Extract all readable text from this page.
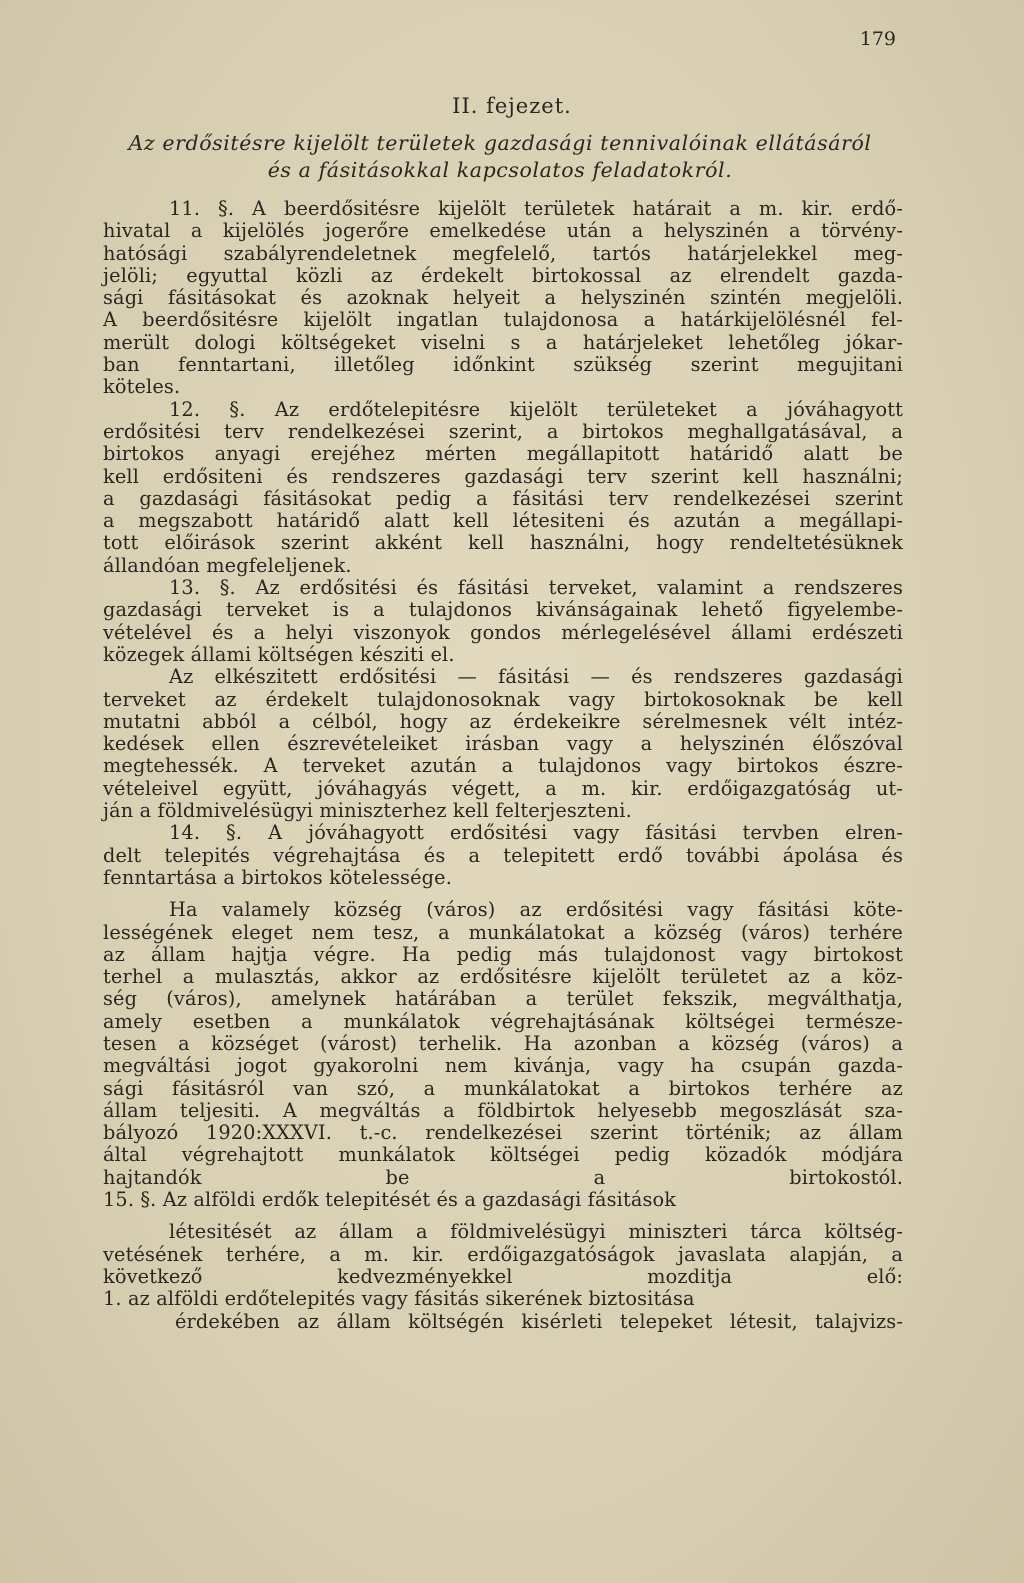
179
II. fejezet.
Az erdősitésre kijelölt területek gazdasági tennivalóinak ellátásáról
és a fásitásokkal kapcsolatos feladatokról.
11. §. A beerdősitésre kijelölt területek határait a m. kir. erdő-
hivatal a kijelölés jogerőre emelkedése után a helyszinén a törvény-
hatósági szabályrendeletnek megfelelő, tartós határjelekkel meg-
jelöli; egyuttal közli az érdekelt birtokossal az elrendelt gazda-
sági fásitásokat és azoknak helyeit a helyszinén szintén megjelöli.
A beerdősitésre kijelölt ingatlan tulajdonosa a határkijelölésnél fel-
merült dologi költségeket viselni s a határjeleket lehetőleg jókar-
ban fenntartani, illetőleg időnkint szükség szerint megujitani
köteles.
12. §. Az erdőtelepitésre kijelölt területeket a jóváhagyott
erdősitési terv rendelkezései szerint, a birtokos meghallgatásával, a
birtokos anyagi erejéhez mérten megállapitott határidő alatt be
kell erdősiteni és rendszeres gazdasági terv szerint kell használni;
a gazdasági fásitásokat pedig a fásitási terv rendelkezései szerint
a megszabott határidő alatt kell létesiteni és azután a megállapi-
tott előirások szerint akként kell használni, hogy rendeltetésüknek
állandóan megfeleljenek.
13. §. Az erdősitési és fásitási terveket, valamint a rendszeres
gazdasági terveket is a tulajdonos kivánságainak lehető figyelembe-
vételével és a helyi viszonyok gondos mérlegelésével állami erdészeti
közegek állami költségen késziti el.
Az elkészitett erdősitési — fásitási — és rendszeres gazdasági
terveket az érdekelt tulajdonosoknak vagy birtokosoknak be kell
mutatni abból a célból, hogy az érdekeikre sérelmesnek vélt intéz-
kedések ellen észrevételeiket irásban vagy a helyszinén élőszóval
megtehessék. A terveket azután a tulajdonos vagy birtokos észre-
vételeivel együtt, jóváhagyás végett, a m. kir. erdőigazgatóság ut-
ján a földmivelésügyi miniszterhez kell felterjeszteni.
14. §. A jóváhagyott erdősitési vagy fásitási tervben elren-
delt telepités végrehajtása és a telepitett erdő további ápolása és
fenntartása a birtokos kötelessége.
Ha valamely község (város) az erdősitési vagy fásitási köte-
lességének eleget nem tesz, a munkálatokat a község (város) terhére
az állam hajtja végre. Ha pedig más tulajdonost vagy birtokost
terhel a mulasztás, akkor az erdősitésre kijelölt területet az a köz-
ség (város), amelynek határában a terület fekszik, megválthatja,
amely esetben a munkálatok végrehajtásának költségei természe-
tesen a községet (várost) terhelik. Ha azonban a község (város) a
megváltási jogot gyakorolni nem kivánja, vagy ha csupán gazda-
sági fásitásról van szó, a munkálatokat a birtokos terhére az
állam teljesiti. A megváltás a földbirtok helyesebb megoszlását sza-
bályozó 1920:XXXVI. t.-c. rendelkezései szerint történik; az állam
által végrehajtott munkálatok költségei pedig közadók módjára
hajtandók be a birtokostól.
15. §. Az alföldi erdők telepitését és a gazdasági fásitások
létesitését az állam a földmivelésügyi miniszteri tárca költség-
vetésének terhére, a m. kir. erdőigazgatóságok javaslata alapján, a
következő kedvezményekkel mozditja elő:
1. az alföldi erdőtelepités vagy fásitás sikerének biztositása
érdekében az állam költségén kisérleti telepeket létesit, talajvizs-
